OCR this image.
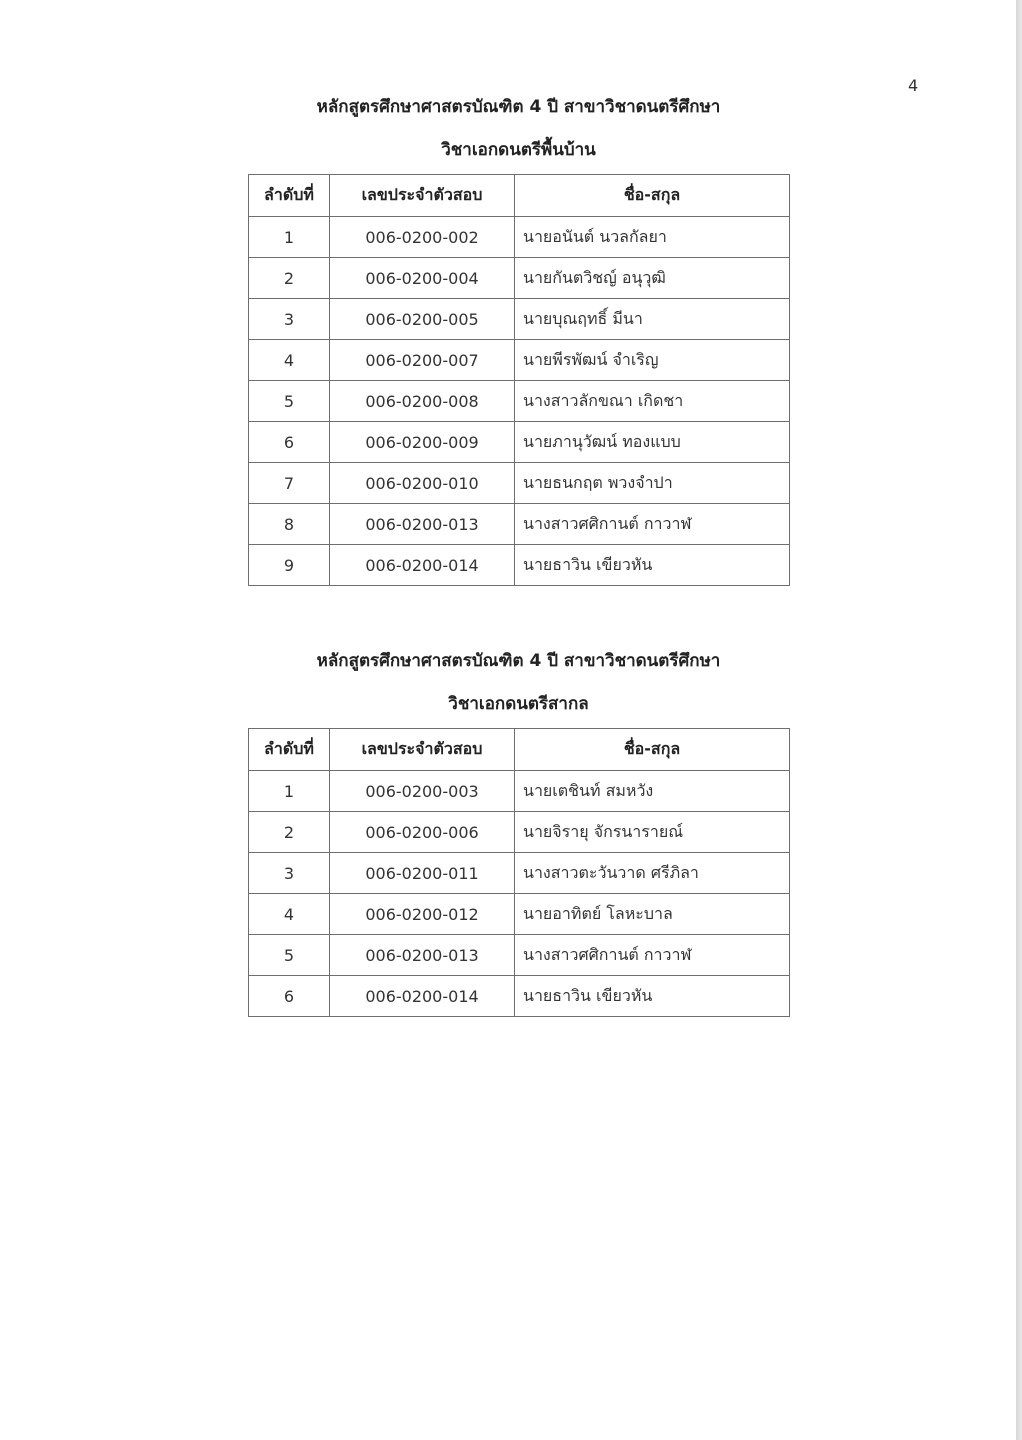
4
หลักสูตรศึกษาศาสตรบัณฑิต 4 ปี สาขาวิชาดนตรีศึกษา
วิชาเอกดนตรีพื้นบ้าน
ลำดับที่	เลขประจำตัวสอบ	ชื่อ-สกุล
1	006-0200-002	นายอนันต์ นวลกัลยา
2	006-0200-004	นายกันตวิชญ์ อนุวุฒิ
3	006-0200-005	นายบุณฤทธิ์ มีนา
4	006-0200-007	นายพีรพัฒน์ จำเริญ
5	006-0200-008	นางสาวลักขณา เกิดชา
6	006-0200-009	นายภานุวัฒน์ ทองแบบ
7	006-0200-010	นายธนกฤต พวงจำปา
8	006-0200-013	นางสาวศศิกานต์ กาวาฬ
9	006-0200-014	นายธาวิน เขียวหัน
หลักสูตรศึกษาศาสตรบัณฑิต 4 ปี สาขาวิชาดนตรีศึกษา
วิชาเอกดนตรีสากล
ลำดับที่	เลขประจำตัวสอบ	ชื่อ-สกุล
1	006-0200-003	นายเตชินท์ สมหวัง
2	006-0200-006	นายจิรายุ จักรนารายณ์
3	006-0200-011	นางสาวตะวันวาด ศรีภิลา
4	006-0200-012	นายอาทิตย์ โลหะบาล
5	006-0200-013	นางสาวศศิกานต์ กาวาฬ
6	006-0200-014	นายธาวิน เขียวหัน
